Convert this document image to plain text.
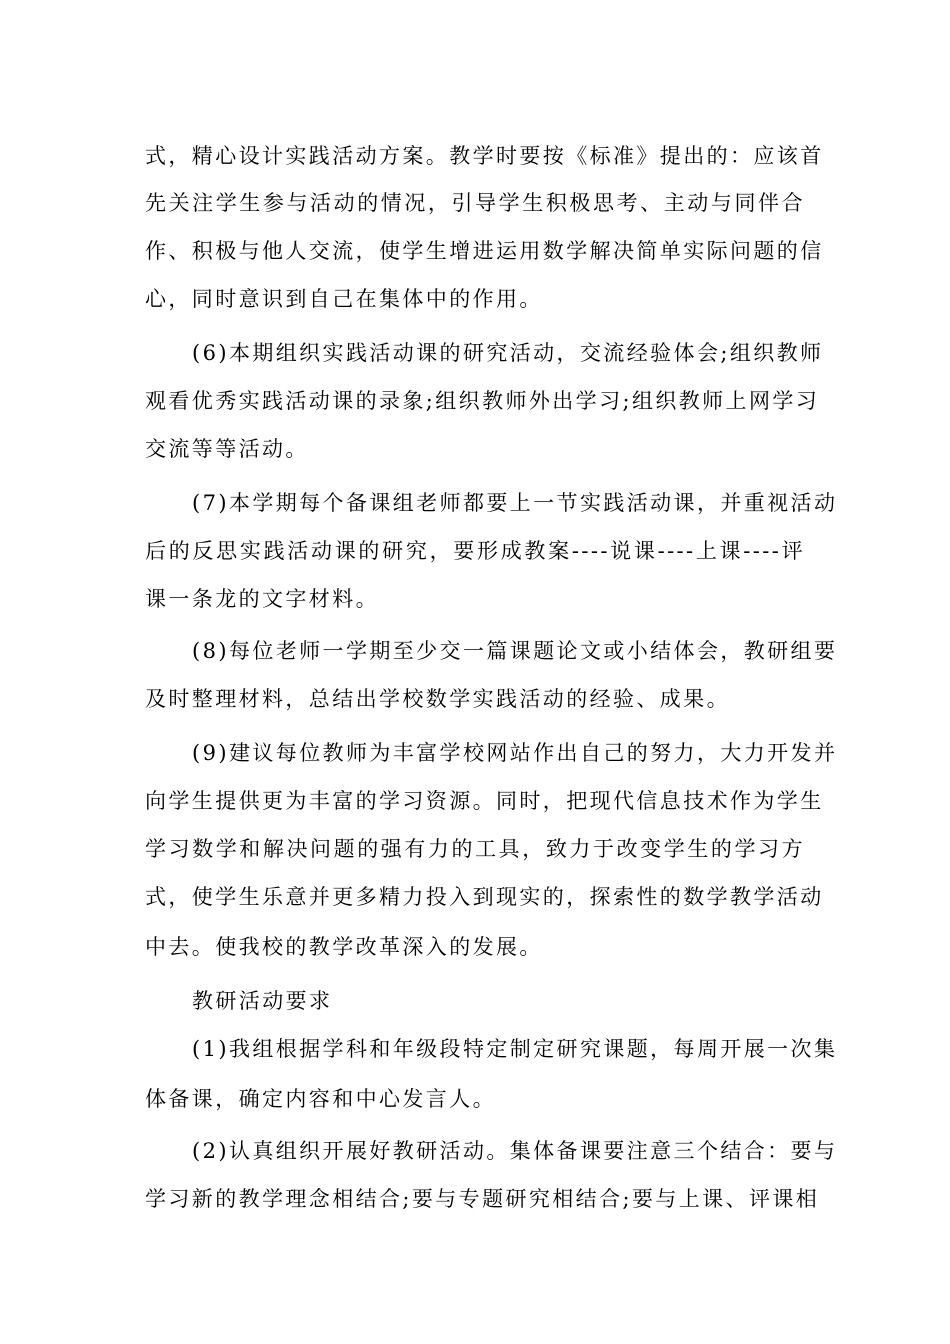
式，精心设计实践活动方案。教学时要按《标准》提出的：应该首
先关注学生参与活动的情况，引导学生积极思考、主动与同伴合
作、积极与他人交流，使学生增进运用数学解决简单实际问题的信
心，同时意识到自己在集体中的作用。
(6)本期组织实践活动课的研究活动，交流经验体会;组织教师
观看优秀实践活动课的录象;组织教师外出学习;组织教师上网学习
交流等等活动。
(7)本学期每个备课组老师都要上一节实践活动课，并重视活动
后的反思实践活动课的研究，要形成教案----说课----上课----评
课一条龙的文字材料。
(8)每位老师一学期至少交一篇课题论文或小结体会，教研组要
及时整理材料，总结出学校数学实践活动的经验、成果。
(9)建议每位教师为丰富学校网站作出自己的努力，大力开发并
向学生提供更为丰富的学习资源。同时，把现代信息技术作为学生
学习数学和解决问题的强有力的工具，致力于改变学生的学习方
式，使学生乐意并更多精力投入到现实的，探索性的数学教学活动
中去。使我校的教学改革深入的发展。
教研活动要求
(1)我组根据学科和年级段特定制定研究课题，每周开展一次集
体备课，确定内容和中心发言人。
(2)认真组织开展好教研活动。集体备课要注意三个结合：要与
学习新的教学理念相结合;要与专题研究相结合;要与上课、评课相
